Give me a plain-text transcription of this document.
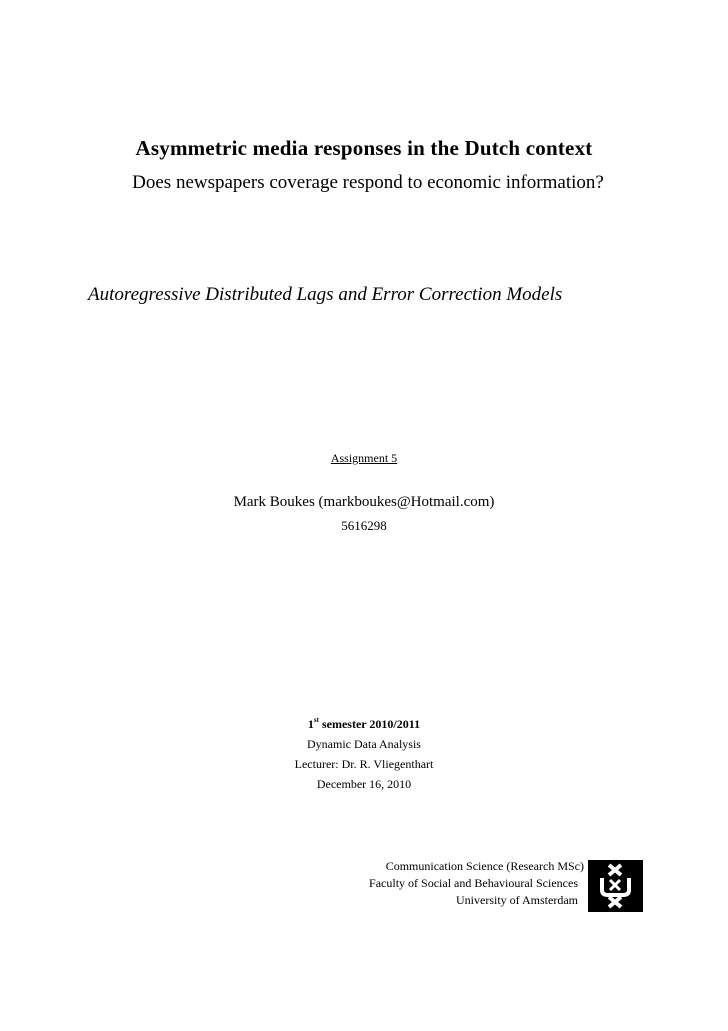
Asymmetric media responses in the Dutch context
Does newspapers coverage respond to economic information?
Autoregressive Distributed Lags and Error Correction Models
Assignment 5
Mark Boukes (markboukes@Hotmail.com)
5616298
1st semester 2010/2011
Dynamic Data Analysis
Lecturer: Dr. R. Vliegenthart
December 16, 2010
Communication Science (Research MSc)
Faculty of Social and Behavioural Sciences
University of Amsterdam
